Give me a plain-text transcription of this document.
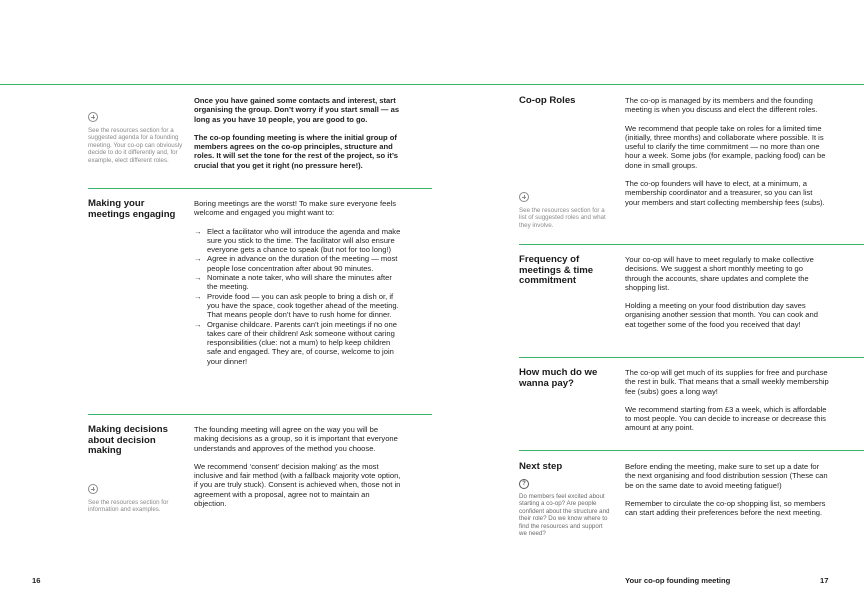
See the resources section for a suggested agenda for a founding meeting. Your co-op can obviously decide to do it differently and, for example, elect different roles.

Once you have gained some contacts and interest, start organising the group. Don’t worry if you start small — as long as you have 10 people, you are good to go.

The co-op founding meeting is where the initial group of members agrees on the co-op principles, structure and roles. It will set the tone for the rest of the project, so it’s crucial that you get it right (no pressure here!).

Making your meetings engaging

Boring meetings are the worst! To make sure everyone feels welcome and engaged you might want to:

→ Elect a facilitator who will introduce the agenda and make sure you stick to the time. The facilitator will also ensure everyone gets a chance to speak (but not for too long!)
→ Agree in advance on the duration of the meeting — most people lose concentration after about 90 minutes.
→ Nominate a note taker, who will share the minutes after the meeting.
→ Provide food — you can ask people to bring a dish or, if you have the space, cook together ahead of the meeting. That means people don’t have to rush home for dinner.
→ Organise childcare. Parents can’t join meetings if no one takes care of their children! Ask someone without caring responsibilities (clue: not a mum) to help keep children safe and engaged. They are, of course, welcome to join your dinner!
Making decisions about decision making
See the resources section for information and examples.

The founding meeting will agree on the way you will be making decisions as a group, so it is important that everyone understands and approves of the method you choose.

We recommend ‘consent’ decision making’ as the most inclusive and fair method (with a fallback majority vote option, if you are truly stuck). Consent is achieved when, those not in agreement with a proposal, agree not to maintain an objection.

16
Co-op Roles
See the resources section for a list of suggested roles and what they involve.

The co-op is managed by its members and the founding meeting is when you discuss and elect the different roles.

We recommend that people take on roles for a limited time (initially, three months) and collaborate where possible. It is useful to clarify the time commitment — no more than one hour a week. Some jobs (for example, packing food) can be done in small groups.

The co-op founders will have to elect, at a minimum, a membership coordinator and a treasurer, so you can list your members and start collecting membership fees (subs).

Frequency of meetings & time commitment

Your co-op will have to meet regularly to make collective decisions. We suggest a short monthly meeting to go through the accounts, share updates and complete the shopping list.

Holding a meeting on your food distribution day saves organising another session that month. You can cook and eat together some of the food you received that day!

How much do we wanna pay?

The co-op will get much of its supplies for free and purchase the rest in bulk. That means that a small weekly membership fee (subs) goes a long way!

We recommend starting from £3 a week, which is affordable to most people. You can decide to increase or decrease this amount at any point.

Next step
?
Do members feel excited about starting a co-op? Are people confident about the structure and their role? Do we know where to find the resources and support we need?

Before ending the meeting, make sure to set up a date for the next organising and food distribution session (These can be on the same date to avoid meeting fatigue!)

Remember to circulate the co-op shopping list, so members can start adding their preferences before the next meeting.

Your co-op founding meeting	17
